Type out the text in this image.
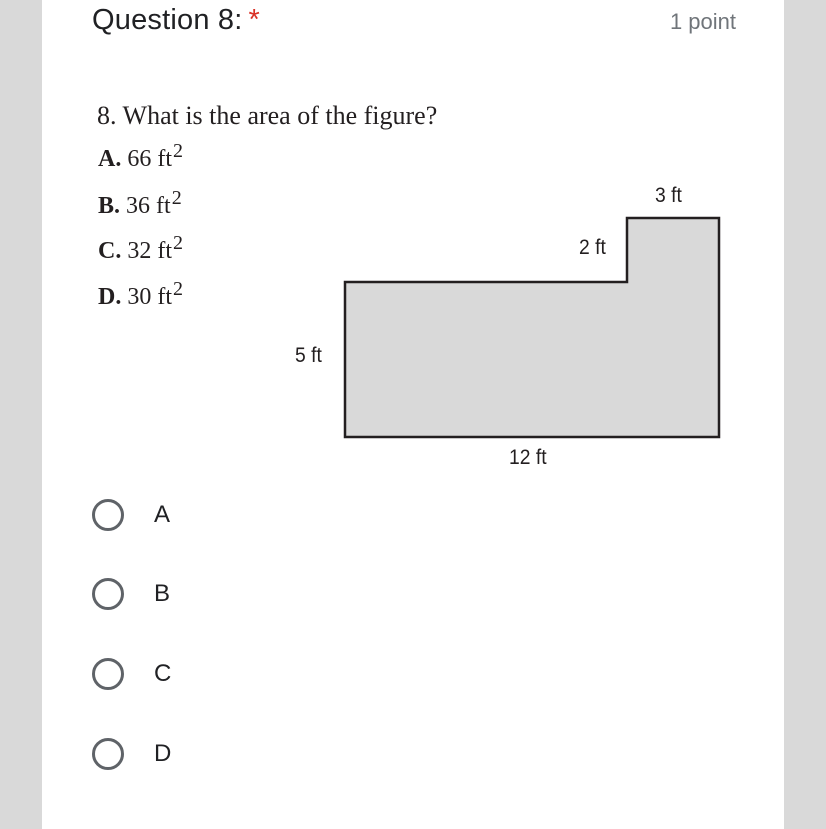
Question 8: *	1 point
8. What is the area of the figure?
A. 66 $ft^2$
B. 36 $ft^2$
C. 32 $ft^2$
D. 30 $ft^2$
3 ft
2 ft
5 ft
12 ft
A
B
C
D
